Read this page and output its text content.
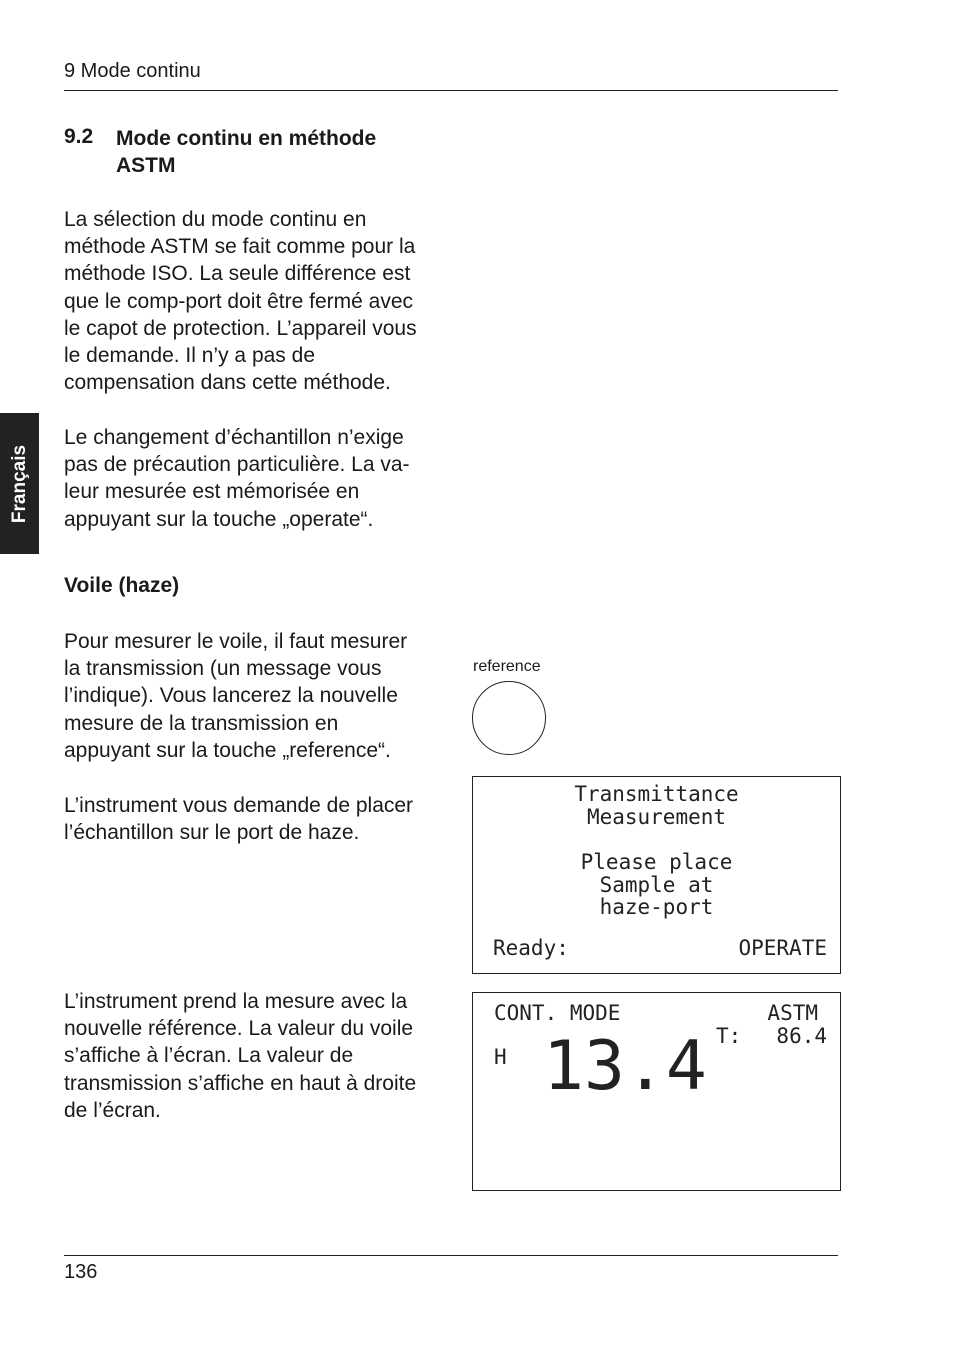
9 Mode continu
9.2 Mode continu en méthode
ASTM
Français
La sélection du mode continu en
méthode ASTM se fait comme pour la
méthode ISO. La seule différence est
que le comp-port doit être fermé avec
le capot de protection. L’appareil vous
le demande. Il n’y a pas de
compensation dans cette méthode.
Le changement d’échantillon n’exige
pas de précaution particulière. La va-
leur mesurée est mémorisée en
appuyant sur la touche „operate“.
Voile (haze)
Pour mesurer le voile, il faut mesurer
la transmission (un message vous
l’indique). Vous lancerez la nouvelle
mesure de la transmission en
appuyant sur la touche „reference“.
L’instrument vous demande de placer
l’échantillon sur le port de haze.
L’instrument prend la mesure avec la
nouvelle référence. La valeur du voile
s’affiche à l’écran. La valeur de
transmission s’affiche en haut à droite
de l’écran.
reference
Transmittance
Measurement
Please place
Sample at
haze-port
Ready:	OPERATE
CONT. MODE	ASTM
T: 86.4
H 13.4
136
